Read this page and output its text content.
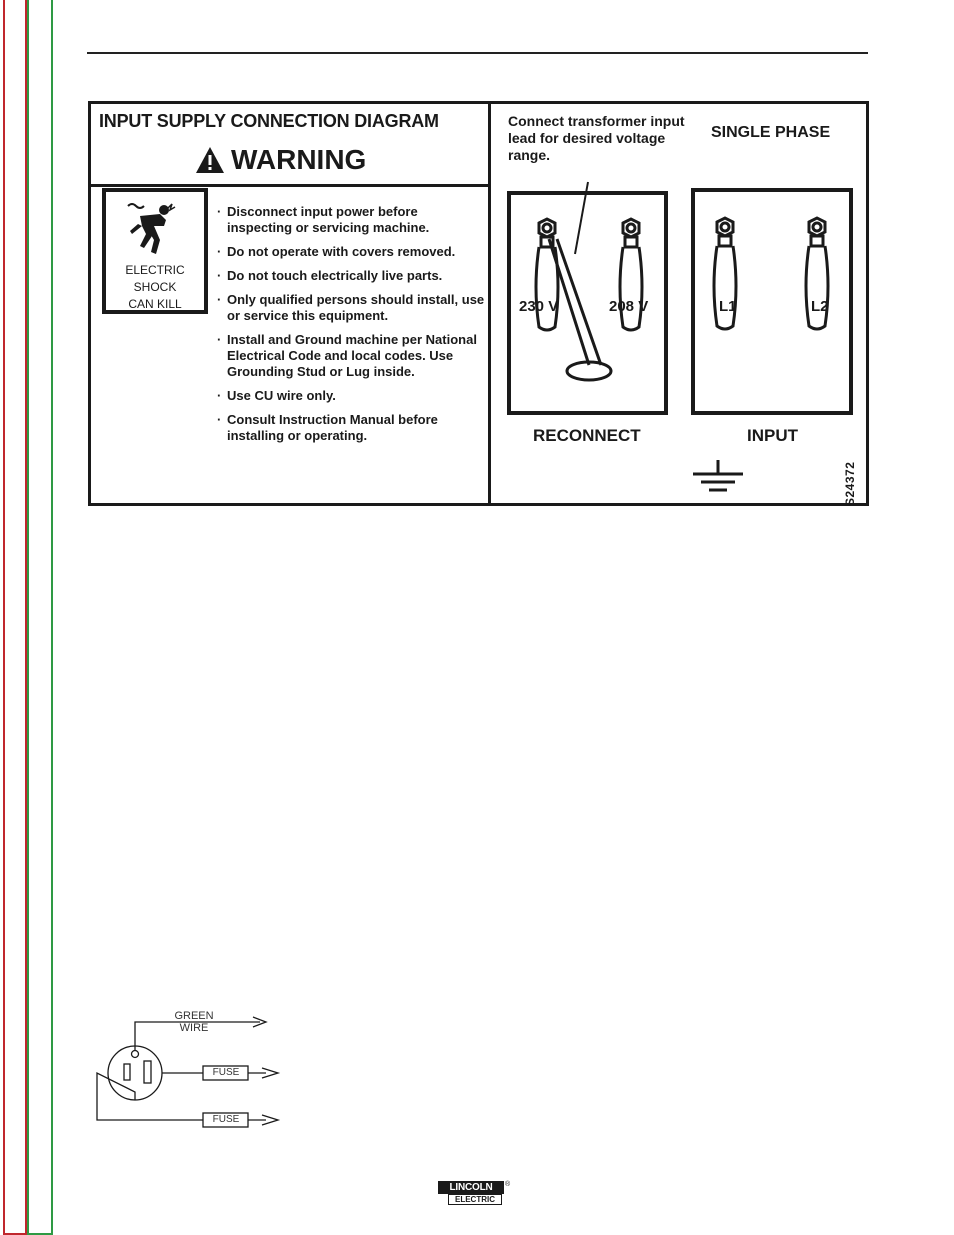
INPUT SUPPLY CONNECTION DIAGRAM
WARNING
ELECTRIC
SHOCK
CAN KILL
· Disconnect input power before inspecting or servicing machine.
· Do not operate with covers removed.
· Do not touch electrically live parts.
· Only qualified persons should install, use or service this equipment.
· Install and Ground machine per National Electrical Code and local codes. Use Grounding Stud or Lug inside.
· Use CU wire only.
· Consult Instruction Manual before installing or operating.
Connect transformer input lead for desired voltage range.
SINGLE PHASE
230 V	208 V
RECONNECT
L1	L2
INPUT
S24372
GREEN
WIRE
FUSE
FUSE
LINCOLN
ELECTRIC
®
